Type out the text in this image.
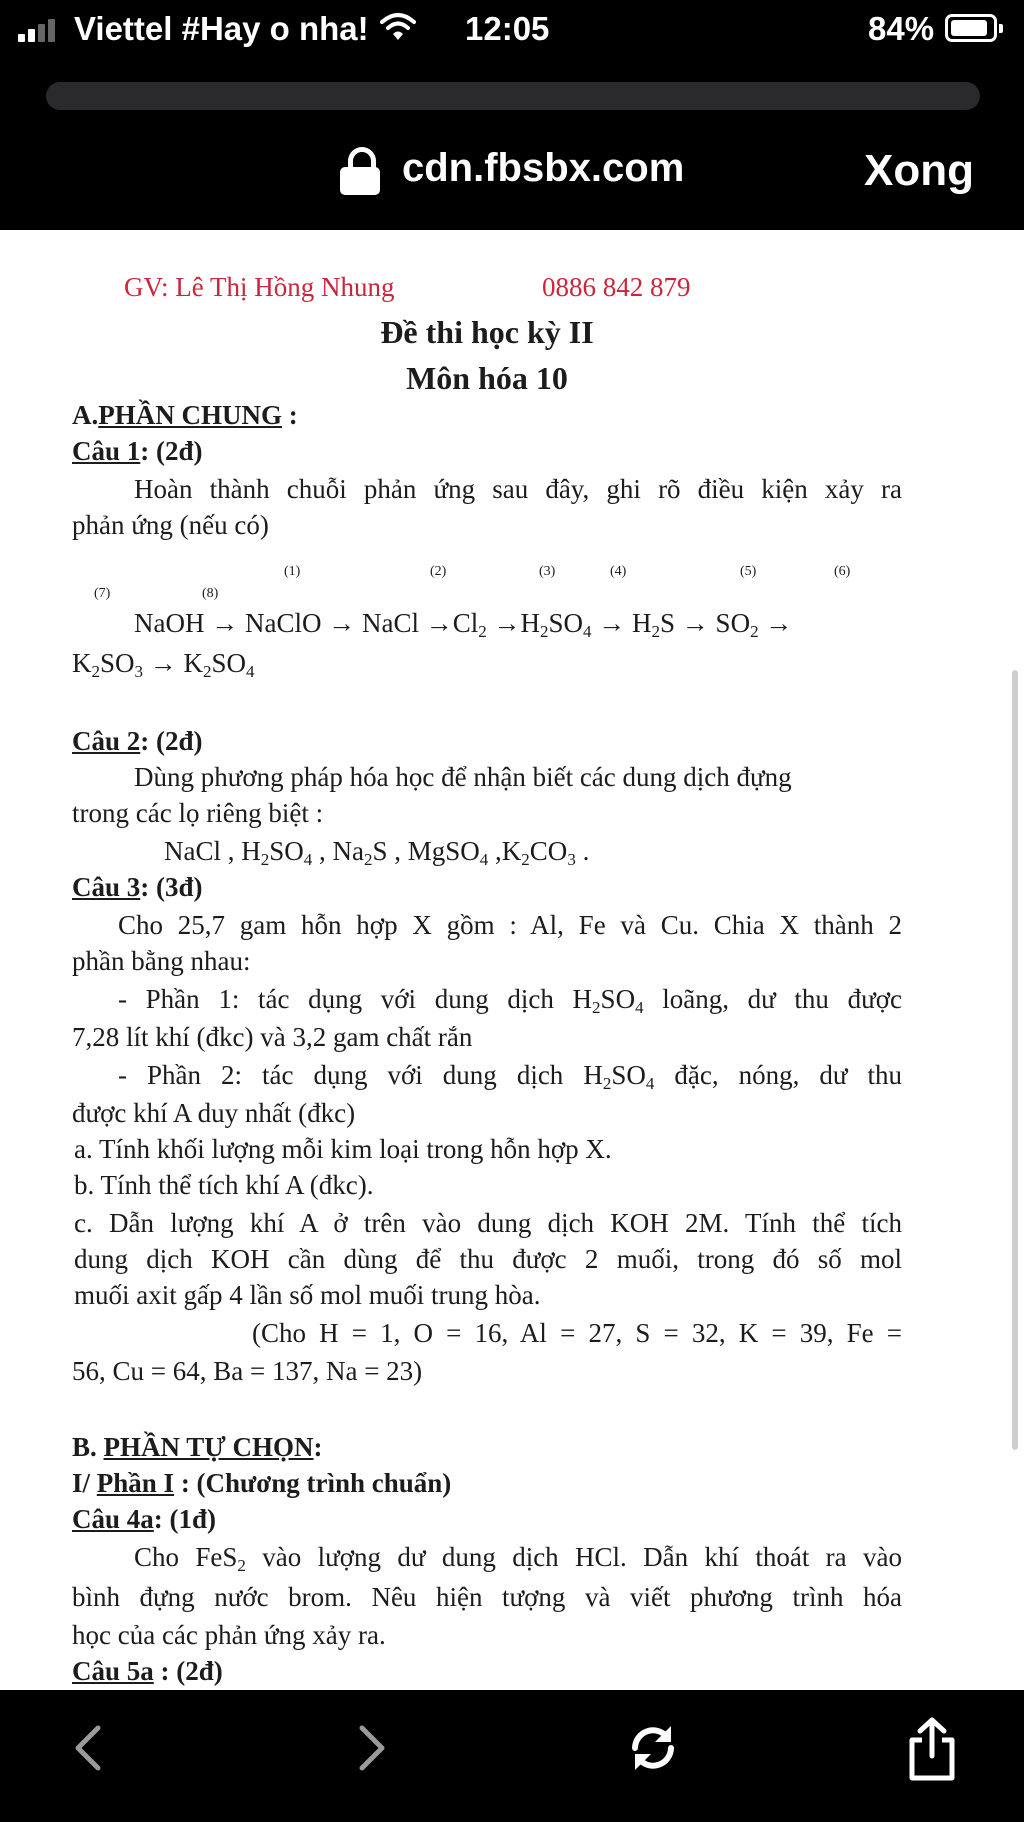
Viettel #Hay o nha!	12:05	84%
cdn.fbsbx.com	Xong
GV: Lê Thị Hồng Nhung	0886 842 879
Đề thi học kỳ II
Môn hóa 10
A.PHẦN CHUNG :
Câu 1: (2đ)
Hoàn thành chuỗi phản ứng sau đây, ghi rõ điều kiện xảy ra
phản ứng (nếu có)
(1)	(2)	(3)	(4)	(5)	(6)
(7)	(8)
NaOH → NaClO → NaCl $\to Cl_2 \to H_2SO_4 \to H_2S \to SO_2$ →
$K_2SO_3 \to K_2SO_4$
Câu 2: (2đ)
Dùng phương pháp hóa học để nhận biết các dung dịch đựng
trong các lọ riêng biệt :
NaCl , $H_2SO_4$ , $Na_2S$ , MgSO$_4$ $,K_2CO_3$ .
Câu 3: (3đ)
Cho 25,7 gam hỗn hợp X gồm : Al, Fe và Cu. Chia X thành 2
phần bằng nhau:
- Phần 1: tác dụng với dung dịch $H_2SO_4$ loãng, dư thu được
7,28 lít khí (đkc) và 3,2 gam chất rắn
- Phần 2: tác dụng với dung dịch $H_2SO_4$ đặc, nóng, dư thu
được khí A duy nhất (đkc)
a. Tính khối lượng mỗi kim loại trong hỗn hợp X.
b. Tính thể tích khí A (đkc).
c. Dẫn lượng khí A ở trên vào dung dịch KOH 2M. Tính thể tích
dung dịch KOH cần dùng để thu được 2 muối, trong đó số mol
muối axit gấp 4 lần số mol muối trung hòa.
(Cho H = 1, O = 16, Al = 27, S = 32, K = 39, Fe =
56, Cu = 64, Ba = 137, Na = 23)
B. PHẦN TỰ CHỌN:
I/ Phần I : (Chương trình chuẩn)
Câu 4a: (1đ)
Cho FeS$_2$ vào lượng dư dung dịch HCl. Dẫn khí thoát ra vào
bình đựng nước brom. Nêu hiện tượng và viết phương trình hóa
học của các phản ứng xảy ra.
Câu 5a : (2đ)
